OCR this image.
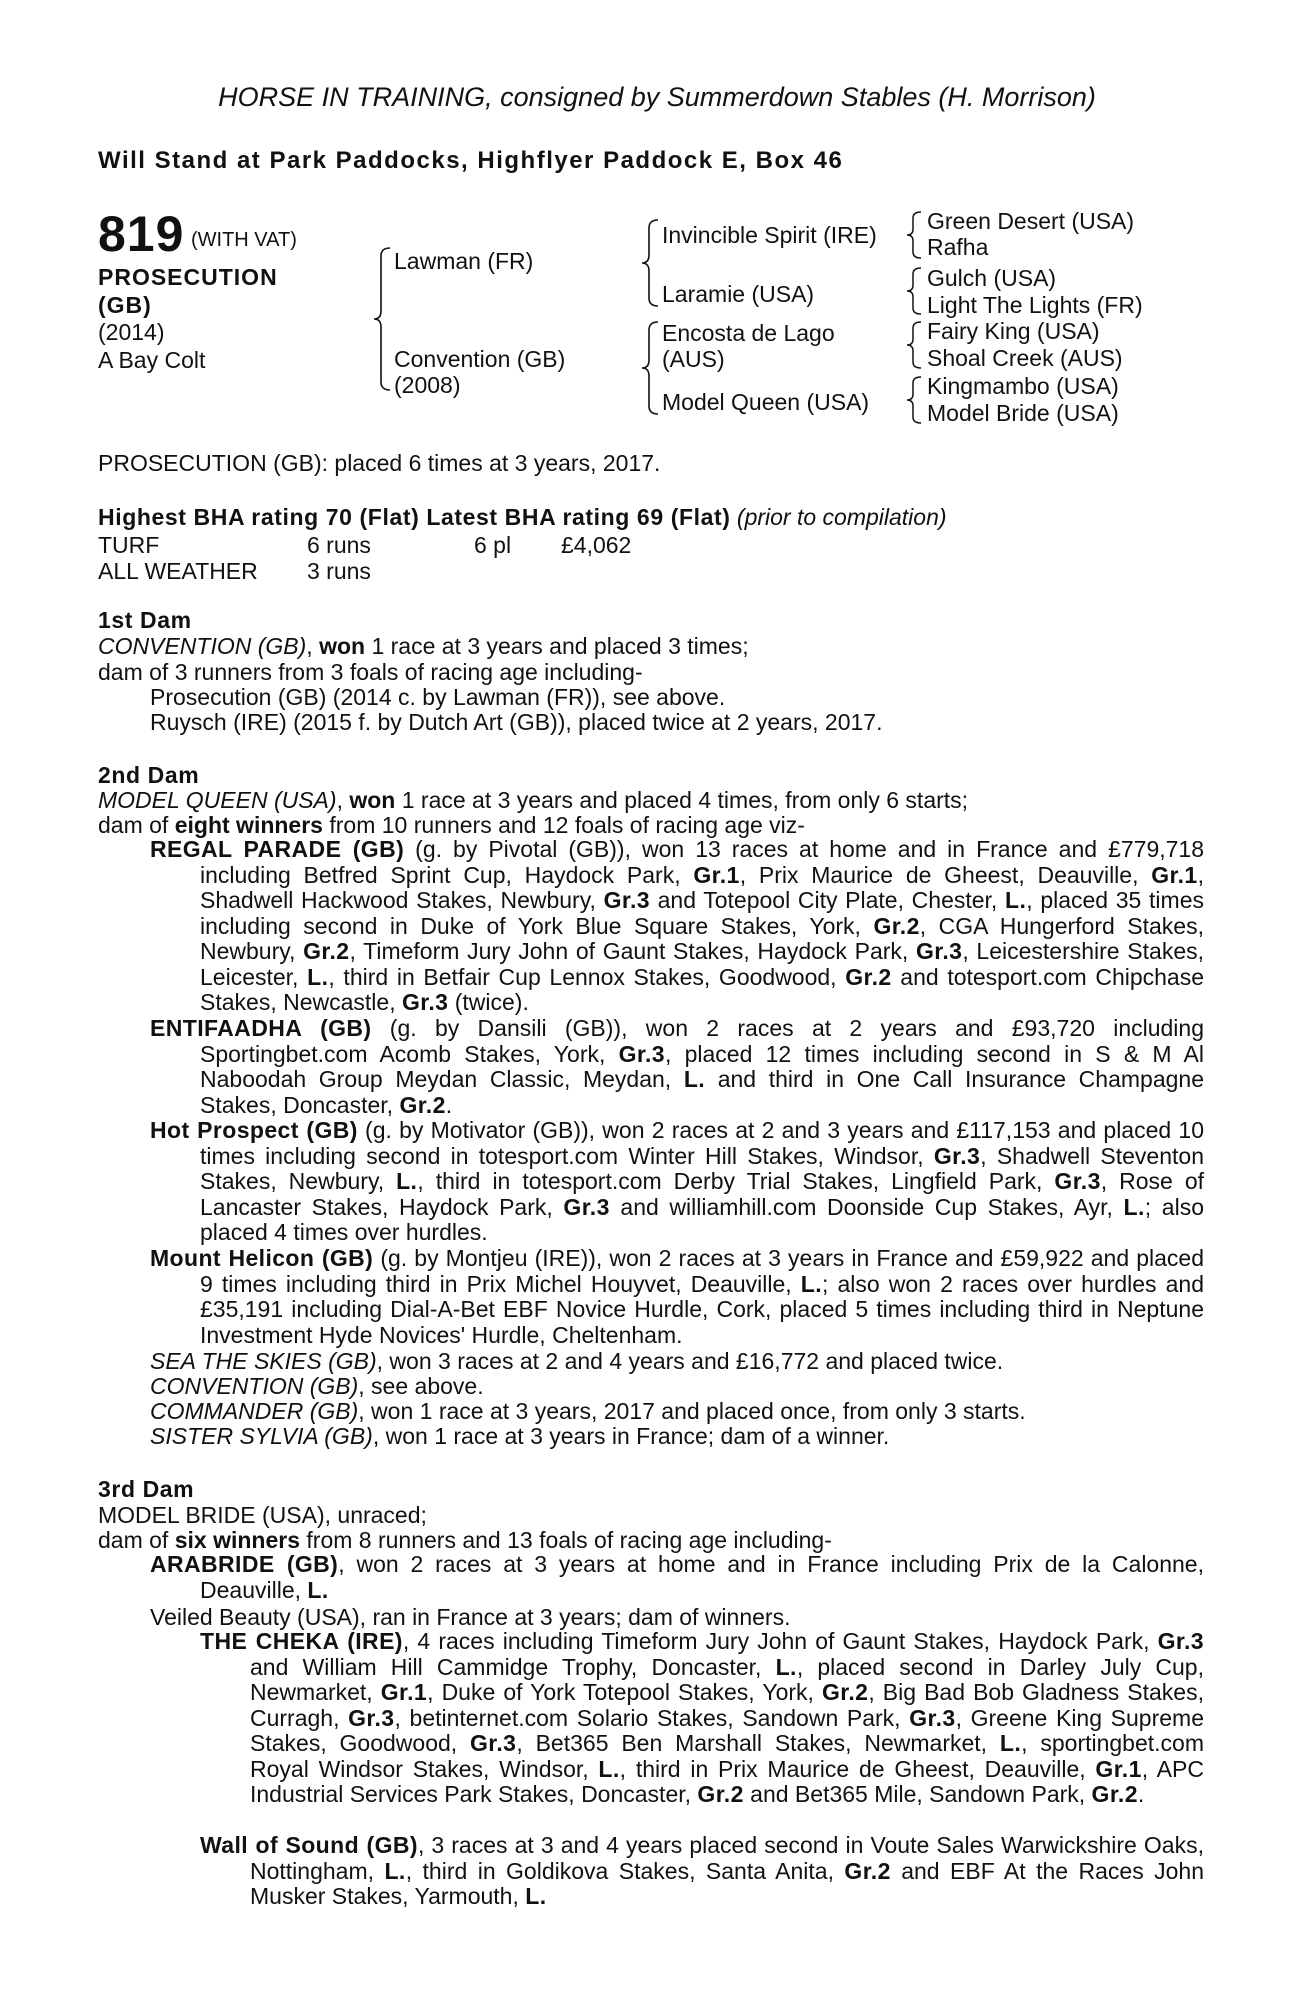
HORSE IN TRAINING, consigned by Summerdown Stables (H. Morrison)
Will Stand at Park Paddocks, Highflyer Paddock E, Box 46
819 (WITH VAT)
PROSECUTION
(GB)
(2014)
A Bay Colt
Lawman (FR)
Convention (GB)
(2008)
Invincible Spirit (IRE)
Laramie (USA)
Encosta de Lago
(AUS)
Model Queen (USA)
Green Desert (USA)
Rafha
Gulch (USA)
Light The Lights (FR)
Fairy King (USA)
Shoal Creek (AUS)
Kingmambo (USA)
Model Bride (USA)
PROSECUTION (GB): placed 6 times at 3 years, 2017.
Highest BHA rating 70 (Flat) Latest BHA rating 69 (Flat) (prior to compilation)
TURF	6 runs	6 pl £4,062
ALL WEATHER 3 runs
1st Dam
CONVENTION (GB), won 1 race at 3 years and placed 3 times;
dam of 3 runners from 3 foals of racing age including-
Prosecution (GB) (2014 c. by Lawman (FR)), see above.
Ruysch (IRE) (2015 f. by Dutch Art (GB)), placed twice at 2 years, 2017.
2nd Dam
MODEL QUEEN (USA), won 1 race at 3 years and placed 4 times, from only 6 starts;
dam of eight winners from 10 runners and 12 foals of racing age viz-
REGAL PARADE (GB) (g. by Pivotal (GB)), won 13 races at home and in France and £779,718 including Betfred Sprint Cup, Haydock Park, Gr.1, Prix Maurice de Gheest, Deauville, Gr.1, Shadwell Hackwood Stakes, Newbury, Gr.3 and Totepool City Plate, Chester, L., placed 35 times including second in Duke of York Blue Square Stakes, York, Gr.2, CGA Hungerford Stakes, Newbury, Gr.2, Timeform Jury John of Gaunt Stakes, Haydock Park, Gr.3, Leicestershire Stakes, Leicester, L., third in Betfair Cup Lennox Stakes, Goodwood, Gr.2 and totesport.com Chipchase Stakes, Newcastle, Gr.3 (twice).
ENTIFAADHA (GB) (g. by Dansili (GB)), won 2 races at 2 years and £93,720 including Sportingbet.com Acomb Stakes, York, Gr.3, placed 12 times including second in S & M Al Naboodah Group Meydan Classic, Meydan, L. and third in One Call Insurance Champagne Stakes, Doncaster, Gr.2.
Hot Prospect (GB) (g. by Motivator (GB)), won 2 races at 2 and 3 years and £117,153 and placed 10 times including second in totesport.com Winter Hill Stakes, Windsor, Gr.3, Shadwell Steventon Stakes, Newbury, L., third in totesport.com Derby Trial Stakes, Lingfield Park, Gr.3, Rose of Lancaster Stakes, Haydock Park, Gr.3 and williamhill.com Doonside Cup Stakes, Ayr, L.; also placed 4 times over hurdles.
Mount Helicon (GB) (g. by Montjeu (IRE)), won 2 races at 3 years in France and £59,922 and placed 9 times including third in Prix Michel Houyvet, Deauville, L.; also won 2 races over hurdles and £35,191 including Dial-A-Bet EBF Novice Hurdle, Cork, placed 5 times including third in Neptune Investment Hyde Novices' Hurdle, Cheltenham.
SEA THE SKIES (GB), won 3 races at 2 and 4 years and £16,772 and placed twice.
CONVENTION (GB), see above.
COMMANDER (GB), won 1 race at 3 years, 2017 and placed once, from only 3 starts.
SISTER SYLVIA (GB), won 1 race at 3 years in France; dam of a winner.
3rd Dam
MODEL BRIDE (USA), unraced;
dam of six winners from 8 runners and 13 foals of racing age including-
ARABRIDE (GB), won 2 races at 3 years at home and in France including Prix de la Calonne, Deauville, L.
Veiled Beauty (USA), ran in France at 3 years; dam of winners.
THE CHEKA (IRE), 4 races including Timeform Jury John of Gaunt Stakes, Haydock Park, Gr.3 and William Hill Cammidge Trophy, Doncaster, L., placed second in Darley July Cup, Newmarket, Gr.1, Duke of York Totepool Stakes, York, Gr.2, Big Bad Bob Gladness Stakes, Curragh, Gr.3, betinternet.com Solario Stakes, Sandown Park, Gr.3, Greene King Supreme Stakes, Goodwood, Gr.3, Bet365 Ben Marshall Stakes, Newmarket, L., sportingbet.com Royal Windsor Stakes, Windsor, L., third in Prix Maurice de Gheest, Deauville, Gr.1, APC Industrial Services Park Stakes, Doncaster, Gr.2 and Bet365 Mile, Sandown Park, Gr.2.
Wall of Sound (GB), 3 races at 3 and 4 years placed second in Voute Sales Warwickshire Oaks, Nottingham, L., third in Goldikova Stakes, Santa Anita, Gr.2 and EBF At the Races John Musker Stakes, Yarmouth, L.
